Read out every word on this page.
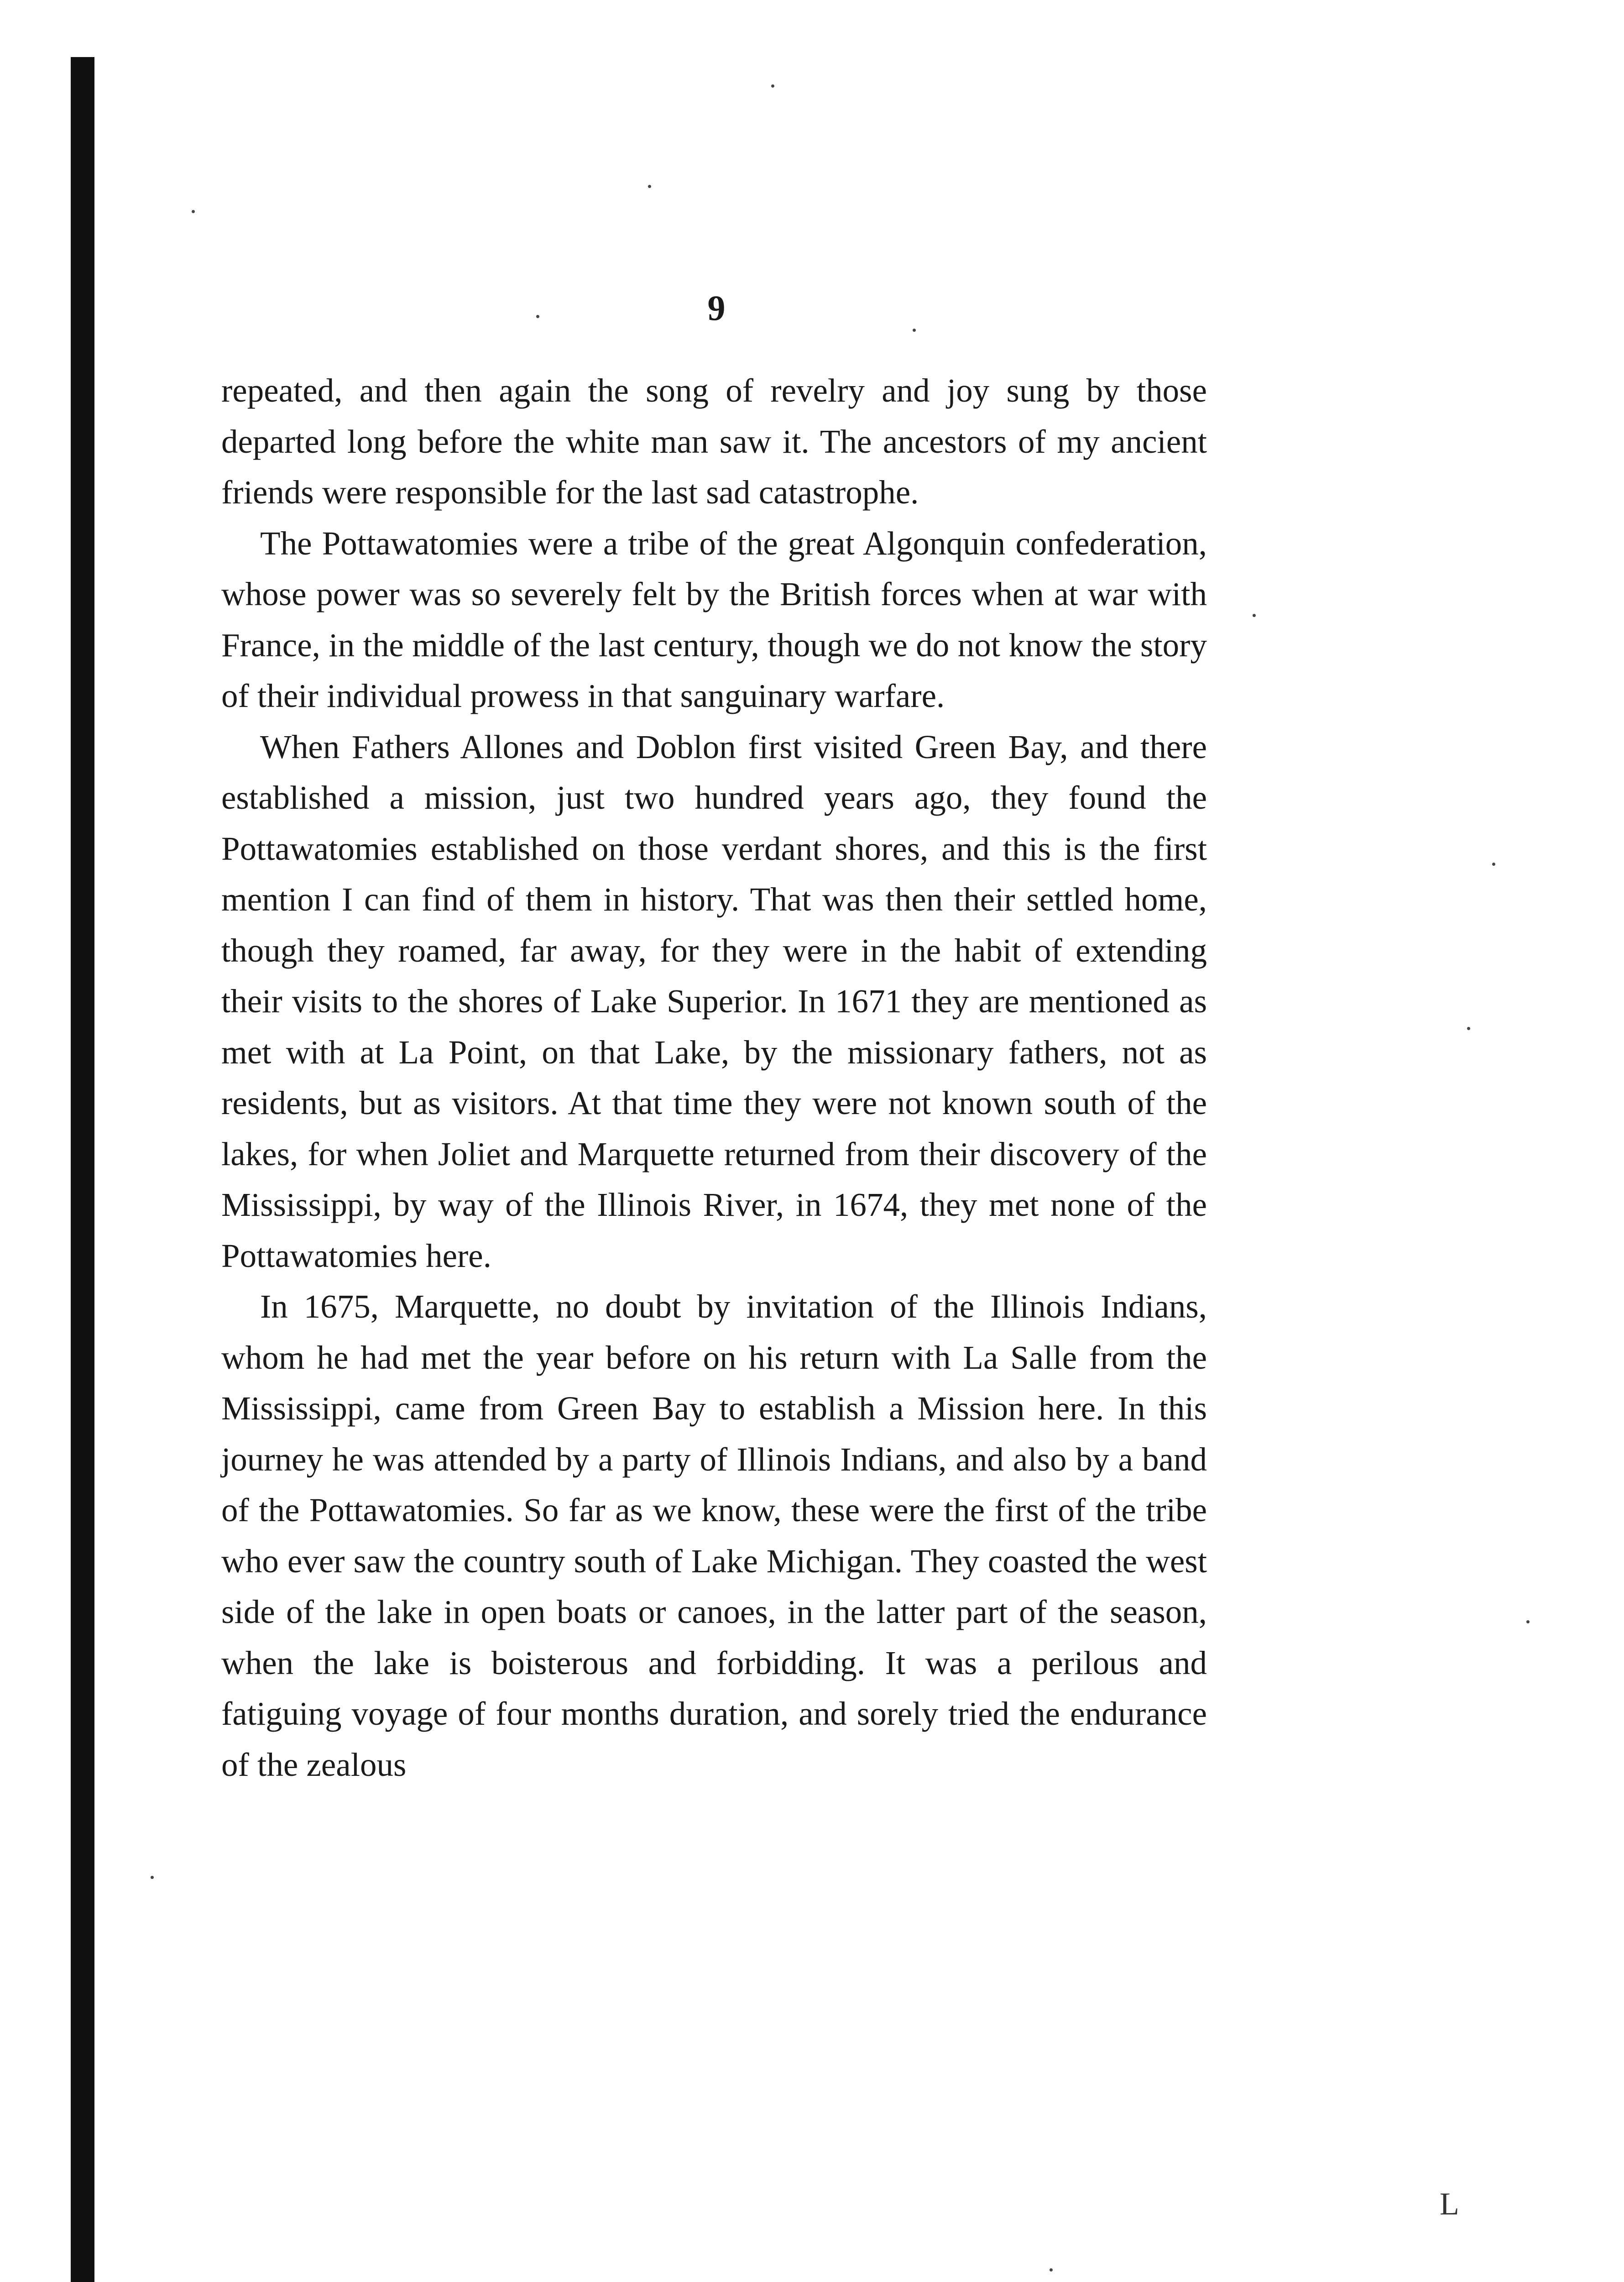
9

repeated, and then again the song of revelry and joy sung by those departed long before the white man saw it. The ancestors of my ancient friends were responsible for the last sad catastrophe.

The Pottawatomies were a tribe of the great Algonquin confederation, whose power was so severely felt by the British forces when at war with France, in the middle of the last century, though we do not know the story of their individual prowess in that sanguinary warfare.

When Fathers Allones and Doblon first visited Green Bay, and there established a mission, just two hundred years ago, they found the Pottawatomies established on those verdant shores, and this is the first mention I can find of them in history. That was then their settled home, though they roamed, far away, for they were in the habit of extending their visits to the shores of Lake Superior. In 1671 they are mentioned as met with at La Point, on that Lake, by the missionary fathers, not as residents, but as visitors. At that time they were not known south of the lakes, for when Joliet and Marquette returned from their discovery of the Mississippi, by way of the Illinois River, in 1674, they met none of the Pottawatomies here.

In 1675, Marquette, no doubt by invitation of the Illinois Indians, whom he had met the year before on his return with La Salle from the Mississippi, came from Green Bay to establish a Mission here. In this journey he was attended by a party of Illinois Indians, and also by a band of the Pottawatomies. So far as we know, these were the first of the tribe who ever saw the country south of Lake Michigan. They coasted the west side of the lake in open boats or canoes, in the latter part of the season, when the lake is boisterous and forbidding. It was a perilous and fatiguing voyage of four months duration, and sorely tried the endurance of the zealous

L
